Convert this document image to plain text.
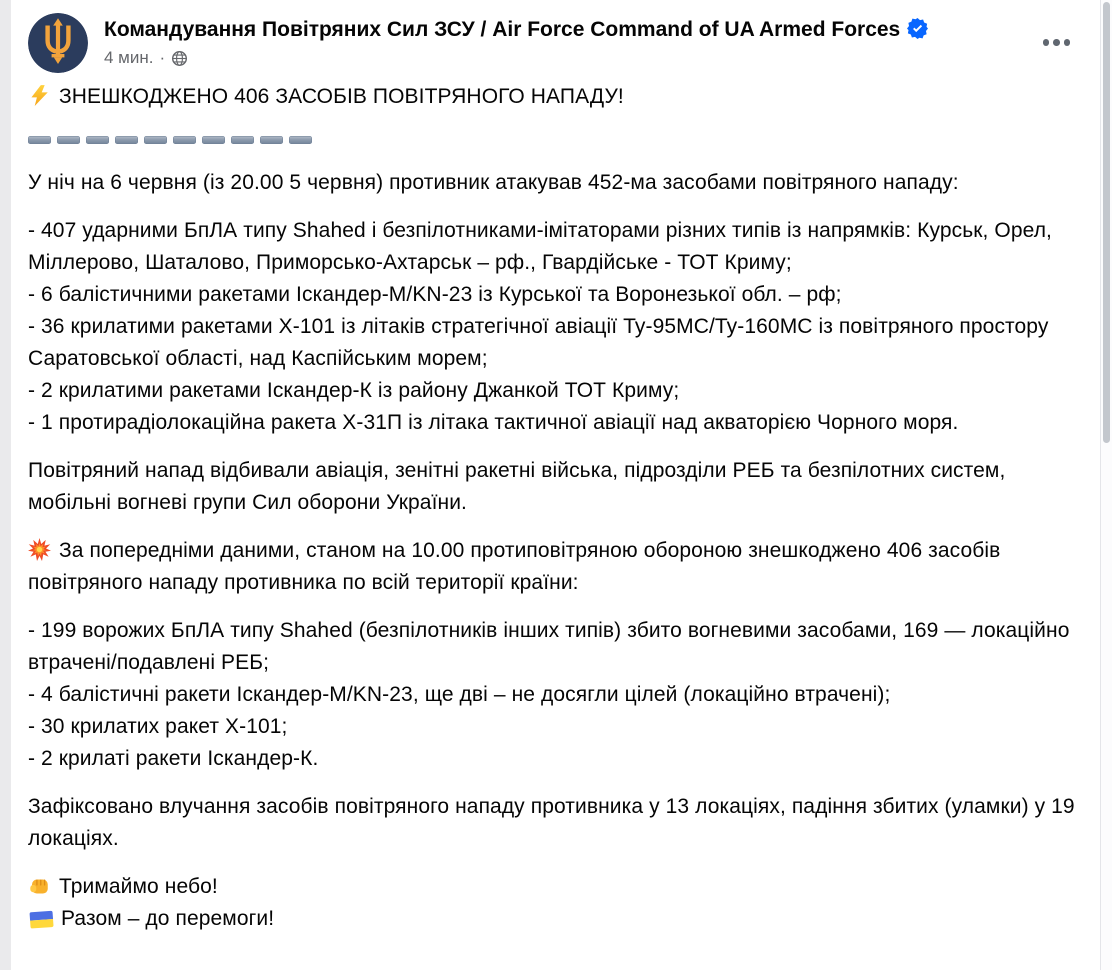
Командування Повітряних Сил ЗСУ / Air Force Command of UA Armed Forces
4 мин. ·
ЗНЕШКОДЖЕНО 406 ЗАСОБІВ ПОВІТРЯНОГО НАПАДУ!
У ніч на 6 червня (із 20.00 5 червня) противник атакував 452-ма засобами повітряного нападу:
- 407 ударними БпЛА типу Shahed і безпілотниками-імітаторами різних типів із напрямків: Курськ, Орел, Міллерово, Шаталово, Приморсько-Ахтарськ – рф., Гвардійське - ТОТ Криму;
- 6 балістичними ракетами Іскандер-М/KN-23 із Курської та Воронезької обл. – рф;
- 36 крилатими ракетами Х-101 із літаків стратегічної авіації Ту-95МС/Ту-160МС із повітряного простору Саратовської області, над Каспійським морем;
- 2 крилатими ракетами Іскандер-К із району Джанкой ТОТ Криму;
- 1 протирадіолокаційна ракета Х-31П із літака тактичної авіації над акваторією Чорного моря.
Повітряний напад відбивали авіація, зенітні ракетні війська, підрозділи РЕБ та безпілотних систем, мобільні вогневі групи Сил оборони України.
За попередніми даними, станом на 10.00 протиповітряною обороною знешкоджено 406 засобів повітряного нападу противника по всій території країни:
- 199 ворожих БпЛА типу Shahed (безпілотників інших типів) збито вогневими засобами, 169 — локаційно втрачені/подавлені РЕБ;
- 4 балістичні ракети Іскандер-М/KN-23, ще дві – не досягли цілей (локаційно втрачені);
- 30 крилатих ракет Х-101;
- 2 крилаті ракети Іскандер-К.
Зафіксовано влучання засобів повітряного нападу противника у 13 локаціях, падіння збитих (уламки) у 19 локаціях.
Тримаймо небо!
Разом – до перемоги!
